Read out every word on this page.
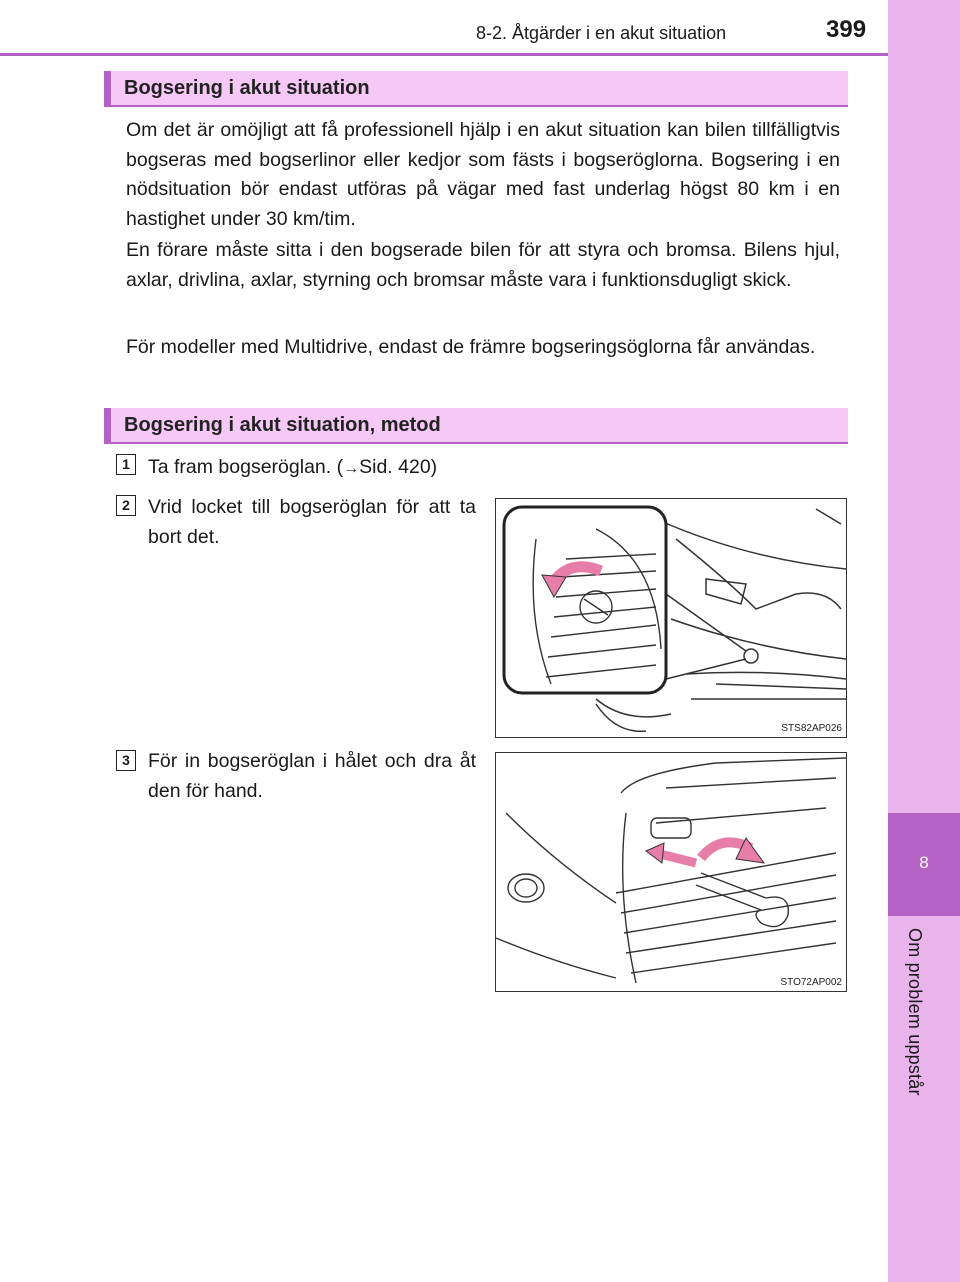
8
Om problem uppstår
8-2. Åtgärder i en akut situation	399
Bogsering i akut situation

Om det är omöjligt att få professionell hjälp i en akut situation kan bilen tillfälligtvis bogseras med bogserlinor eller kedjor som fästs i bogseröglorna. Bogsering i en nödsituation bör endast utföras på vägar med fast underlag högst 80 km i en hastighet under 30 km/tim.

En förare måste sitta i den bogserade bilen för att styra och bromsa. Bilens hjul, axlar, drivlina, axlar, styrning och bromsar måste vara i funktionsdugligt skick.

För modeller med Multidrive, endast de främre bogseringsöglorna får användas.

Bogsering i akut situation, metod
1 Ta fram bogseröglan. (→Sid. 420)

2 Vrid locket till bogseröglan för att ta bort det.

STS82AP026
3 För in bogseröglan i hålet och dra åt den för hand.

STO72AP002
